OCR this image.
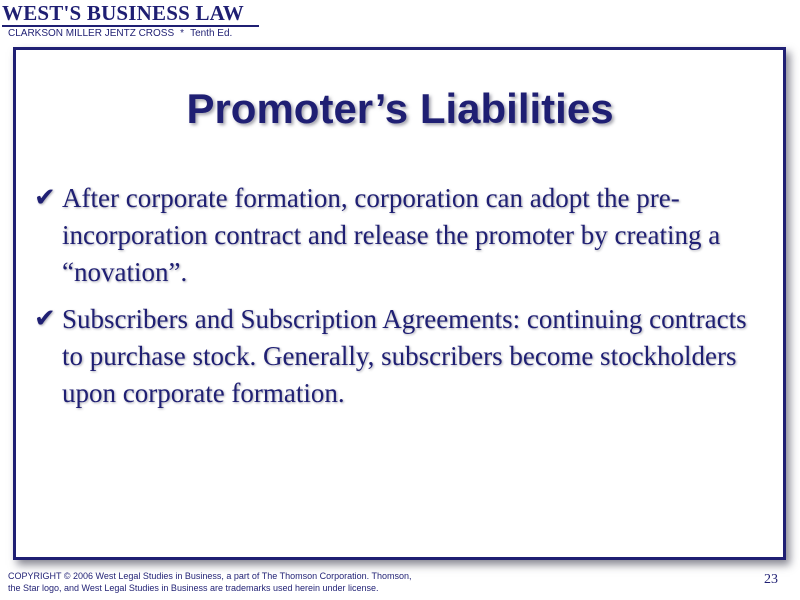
WEST'S BUSINESS LAW
CLARKSON MILLER JENTZ CROSS * Tenth Ed.
Promoter’s Liabilities
✔ After corporate formation, corporation can adopt the pre-incorporation contract and release the promoter by creating a “novation”.
✔ Subscribers and Subscription Agreements: continuing contracts to purchase stock. Generally, subscribers become stockholders upon corporate formation.
COPYRIGHT © 2006 West Legal Studies in Business, a part of The Thomson Corporation. Thomson,
the Star logo, and West Legal Studies in Business are trademarks used herein under license.
23
